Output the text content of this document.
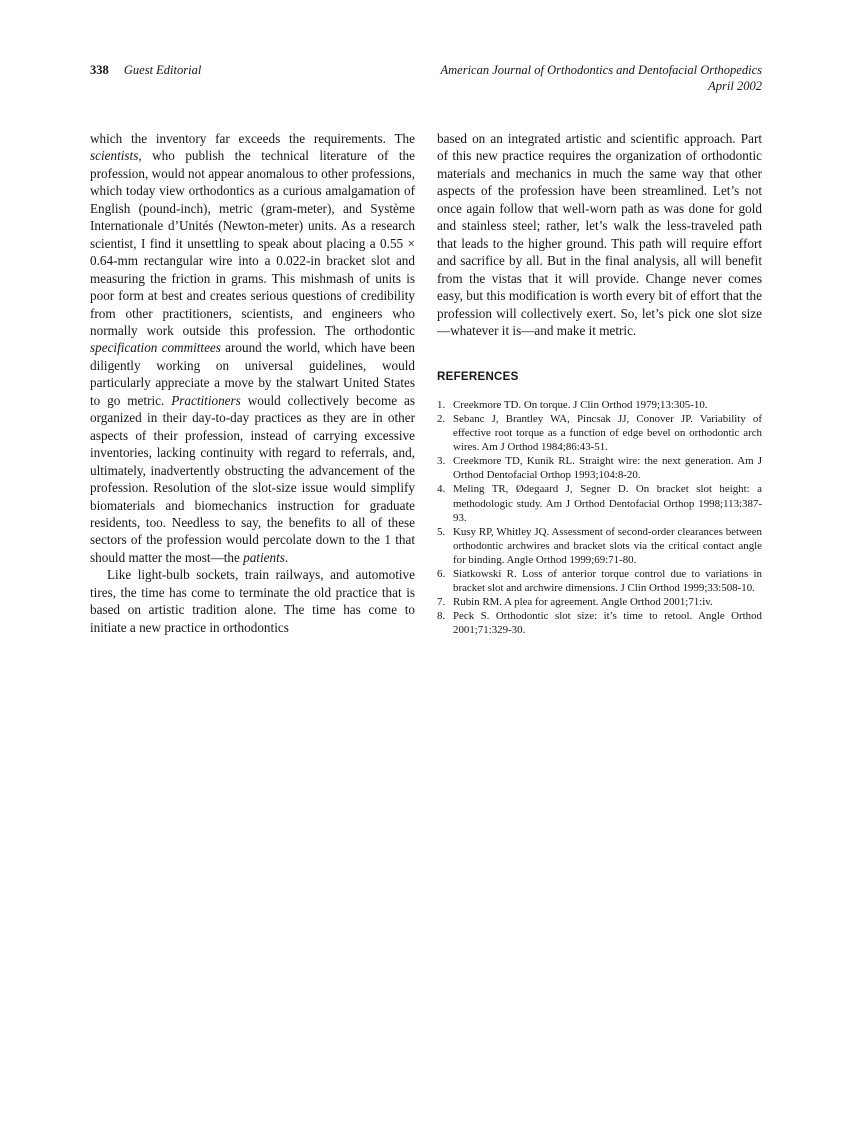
338 Guest Editorial	American Journal of Orthodontics and Dentofacial Orthopedics
April 2002

which the inventory far exceeds the requirements. The scientists, who publish the technical literature of the profession, would not appear anomalous to other professions, which today view orthodontics as a curious amalgamation of English (pound-inch), metric (gram-meter), and Système Internationale d’Unités (Newton-meter) units. As a research scientist, I find it unsettling to speak about placing a 0.55 × 0.64-mm rectangular wire into a 0.022-in bracket slot and measuring the friction in grams. This mishmash of units is poor form at best and creates serious questions of credibility from other practitioners, scientists, and engineers who normally work outside this profession. The orthodontic specification committees around the world, which have been diligently working on universal guidelines, would particularly appreciate a move by the stalwart United States to go metric. Practitioners would collectively become as organized in their day-to-day practices as they are in other aspects of their profession, instead of carrying excessive inventories, lacking continuity with regard to referrals, and, ultimately, inadvertently obstructing the advancement of the profession. Resolution of the slot-size issue would simplify biomaterials and biomechanics instruction for graduate residents, too. Needless to say, the benefits to all of these sectors of the profession would percolate down to the 1 that should matter the most—the patients.

Like light-bulb sockets, train railways, and automotive tires, the time has come to terminate the old practice that is based on artistic tradition alone. The time has come to initiate a new practice in orthodontics

based on an integrated artistic and scientific approach. Part of this new practice requires the organization of orthodontic materials and mechanics in much the same way that other aspects of the profession have been streamlined. Let’s not once again follow that well-worn path as was done for gold and stainless steel; rather, let’s walk the less-traveled path that leads to the higher ground. This path will require effort and sacrifice by all. But in the final analysis, all will benefit from the vistas that it will provide. Change never comes easy, but this modification is worth every bit of effort that the profession will collectively exert. So, let’s pick one slot size—whatever it is—and make it metric.

REFERENCES
1. Creekmore TD. On torque. J Clin Orthod 1979;13:305-10.
2. Sebanc J, Brantley WA, Pincsak JJ, Conover JP. Variability of effective root torque as a function of edge bevel on orthodontic arch wires. Am J Orthod 1984;86:43-51.
3. Creekmore TD, Kunik RL. Straight wire: the next generation. Am J Orthod Dentofacial Orthop 1993;104:8-20.
4. Meling TR, Ødegaard J, Segner D. On bracket slot height: a methodologic study. Am J Orthod Dentofacial Orthop 1998;113:387-93.
5. Kusy RP, Whitley JQ. Assessment of second-order clearances between orthodontic archwires and bracket slots via the critical contact angle for binding. Angle Orthod 1999;69:71-80.
6. Siatkowski R. Loss of anterior torque control due to variations in bracket slot and archwire dimensions. J Clin Orthod 1999;33:508-10.
7. Rubin RM. A plea for agreement. Angle Orthod 2001;71:iv.
8. Peck S. Orthodontic slot size: it’s time to retool. Angle Orthod 2001;71:329-30.
